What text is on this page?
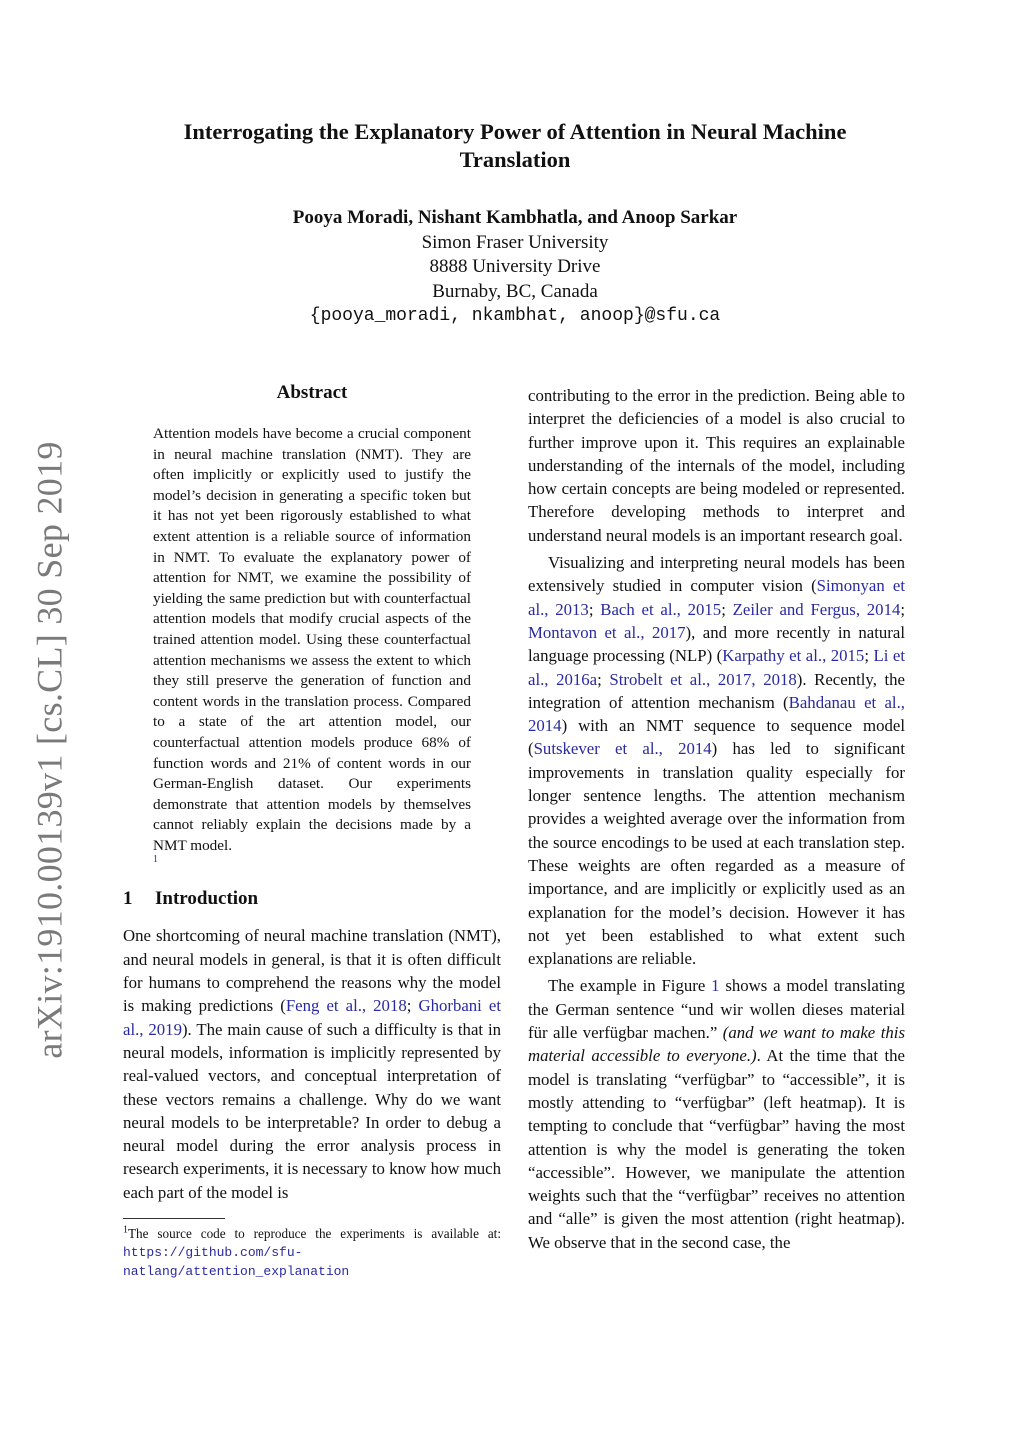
arXiv:1910.00139v1 [cs.CL] 30 Sep 2019
Interrogating the Explanatory Power of Attention in Neural Machine
Translation
Pooya Moradi, Nishant Kambhatla, and Anoop Sarkar
Simon Fraser University
8888 University Drive
Burnaby, BC, Canada
{pooya_moradi, nkambhat, anoop}@sfu.ca
Abstract
Attention models have become a crucial component in neural machine translation (NMT). They are often implicitly or explicitly used to justify the model’s decision in generating a specific token but it has not yet been rigorously established to what extent attention is a reliable source of information in NMT. To evaluate the explanatory power of attention for NMT, we examine the possibility of yielding the same prediction but with counterfactual attention models that modify crucial aspects of the trained attention model. Using these counterfactual attention mechanisms we assess the extent to which they still preserve the generation of function and content words in the translation process. Compared to a state of the art attention model, our counterfactual attention models produce 68% of function words and 21% of content words in our German-English dataset. Our experiments demonstrate that attention models by themselves cannot reliably explain the decisions made by a NMT model.
1
1 Introduction

One shortcoming of neural machine translation (NMT), and neural models in general, is that it is often difficult for humans to comprehend the reasons why the model is making predictions (Feng et al., 2018; Ghorbani et al., 2019). The main cause of such a difficulty is that in neural models, information is implicitly represented by real-valued vectors, and conceptual interpretation of these vectors remains a challenge. Why do we want neural models to be interpretable? In order to debug a neural model during the error analysis process in research experiments, it is necessary to know how much each part of the model is

$^1$The source code to reproduce the experiments is available at: https://github.com/sfu-natlang/attention_explanation

contributing to the error in the prediction. Being able to interpret the deficiencies of a model is also crucial to further improve upon it. This requires an explainable understanding of the internals of the model, including how certain concepts are being modeled or represented. Therefore developing methods to interpret and understand neural models is an important research goal.

Visualizing and interpreting neural models has been extensively studied in computer vision (Simonyan et al., 2013; Bach et al., 2015; Zeiler and Fergus, 2014; Montavon et al., 2017), and more recently in natural language processing (NLP) (Karpathy et al., 2015; Li et al., 2016a; Strobelt et al., 2017, 2018). Recently, the integration of attention mechanism (Bahdanau et al., 2014) with an NMT sequence to sequence model (Sutskever et al., 2014) has led to significant improvements in translation quality especially for longer sentence lengths. The attention mechanism provides a weighted average over the information from the source encodings to be used at each translation step. These weights are often regarded as a measure of importance, and are implicitly or explicitly used as an explanation for the model’s decision. However it has not yet been established to what extent such explanations are reliable.

The example in Figure 1 shows a model translating the German sentence “und wir wollen dieses material für alle verfügbar machen.” (and we want to make this material accessible to everyone.). At the time that the model is translating “verfügbar” to “accessible”, it is mostly attending to “verfügbar” (left heatmap). It is tempting to conclude that “verfügbar” having the most attention is why the model is generating the token “accessible”. However, we manipulate the attention weights such that the “verfügbar” receives no attention and “alle” is given the most attention (right heatmap). We observe that in the second case, the
